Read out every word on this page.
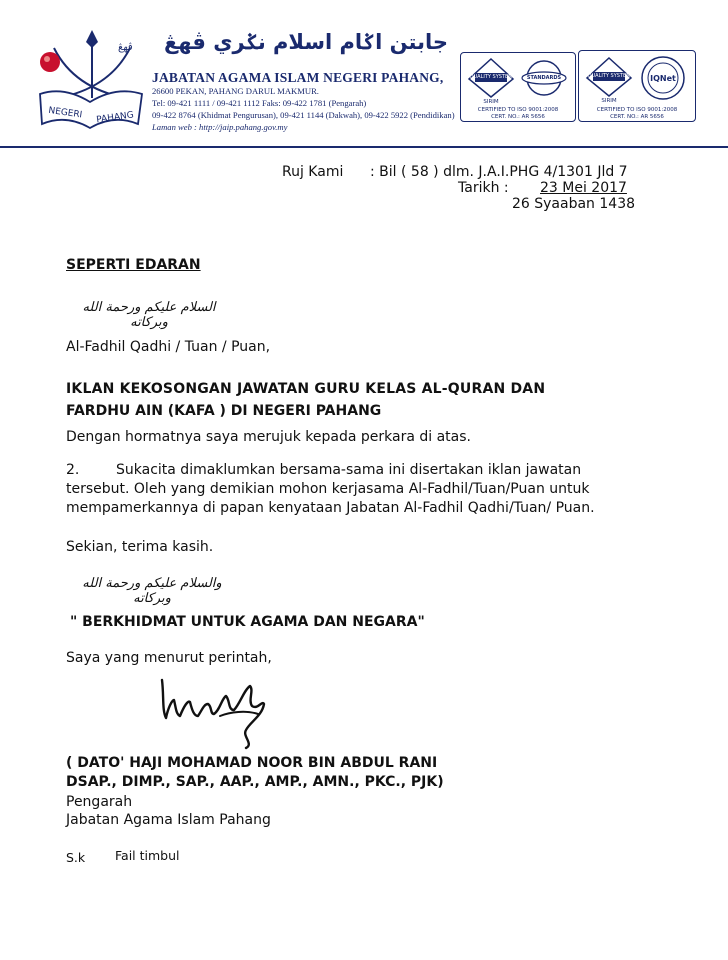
ڤهڠ
NEGERI PAHANG
جابتن اݢام اسلام نݢري ڤهڠ
JABATAN AGAMA ISLAM NEGERI PAHANG,
26600 PEKAN, PAHANG DARUL MAKMUR.
Tel: 09-421 1111 / 09-421 1112 Faks: 09-422 1781 (Pengarah)
09-422 8764 (Khidmat Pengurusan), 09-421 1144 (Dakwah), 09-422 5922 (Pendidikan)
Laman web : http://jaip.pahang.gov.my
QUALITY SYSTEM
SIRIM
STANDARDS
CERTIFIED TO ISO 9001:2008
CERT. NO.: AR 5656
QUALITY SYSTEM
SIRIM
IQNet
CERTIFIED TO ISO 9001:2008
CERT. NO.: AR 5656
Ruj Kami : Bil ( 58 ) dlm. J.A.I.PHG 4/1301 Jld 7
Tarikh : 23 Mei 2017
26 Syaaban 1438
SEPERTI EDARAN
السلام عليكم ورحمة الله وبركاته
Al-Fadhil Qadhi / Tuan / Puan,
IKLAN KEKOSONGAN JAWATAN GURU KELAS AL-QURAN DAN
FARDHU AIN (KAFA ) DI NEGERI PAHANG
Dengan hormatnya saya merujuk kepada perkara di atas.
2.	Sukacita dimaklumkan bersama-sama ini disertakan iklan jawatan
tersebut. Oleh yang demikian mohon kerjasama Al-Fadhil/Tuan/Puan untuk
mempamerkannya di papan kenyataan Jabatan Al-Fadhil Qadhi/Tuan/ Puan.
Sekian, terima kasih.
والسلام عليكم ورحمة الله وبركاته
" BERKHIDMAT UNTUK AGAMA DAN NEGARA"
Saya yang menurut perintah,
( DATO' HAJI MOHAMAD NOOR BIN ABDUL RANI
DSAP., DIMP., SAP., AAP., AMP., AMN., PKC., PJK)
Pengarah
Jabatan Agama Islam Pahang
S.k Fail timbul
